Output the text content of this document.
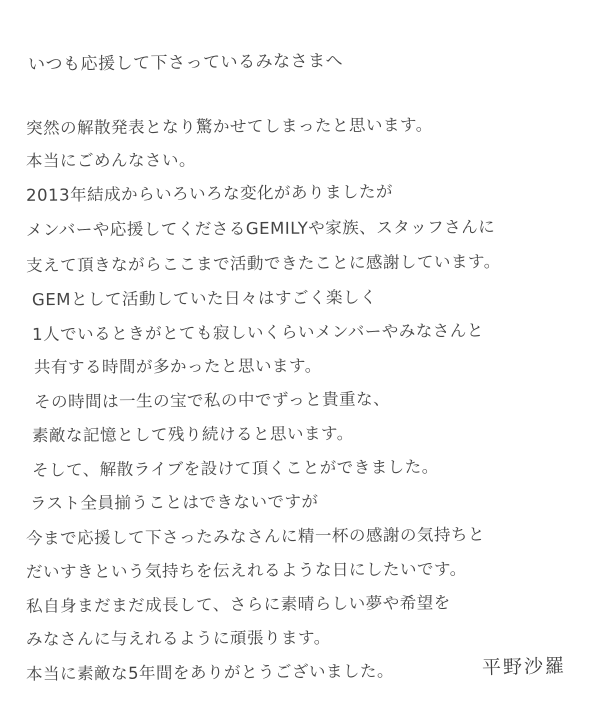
いつも応援して下さっているみなさまへ
突然の解散発表となり驚かせてしまったと思います。
本当にごめんなさい。
2013年結成からいろいろな変化がありましたが
メンバーや応援してくださるGEMILYや家族、スタッフさんに
支えて頂きながらここまで活動できたことに感謝しています。
GEMとして活動していた日々はすごく楽しく
1人でいるときがとても寂しいくらいメンバーやみなさんと
共有する時間が多かったと思います。
その時間は一生の宝で私の中でずっと貴重な、
素敵な記憶として残り続けると思います。
そして、解散ライブを設けて頂くことができました。
ラスト全員揃うことはできないですが
今まで応援して下さったみなさんに精一杯の感謝の気持ちと
だいすきという気持ちを伝えれるような日にしたいです。
私自身まだまだ成長して、さらに素晴らしい夢や希望を
みなさんに与えれるように頑張ります。
本当に素敵な5年間をありがとうございました。	平野沙羅
